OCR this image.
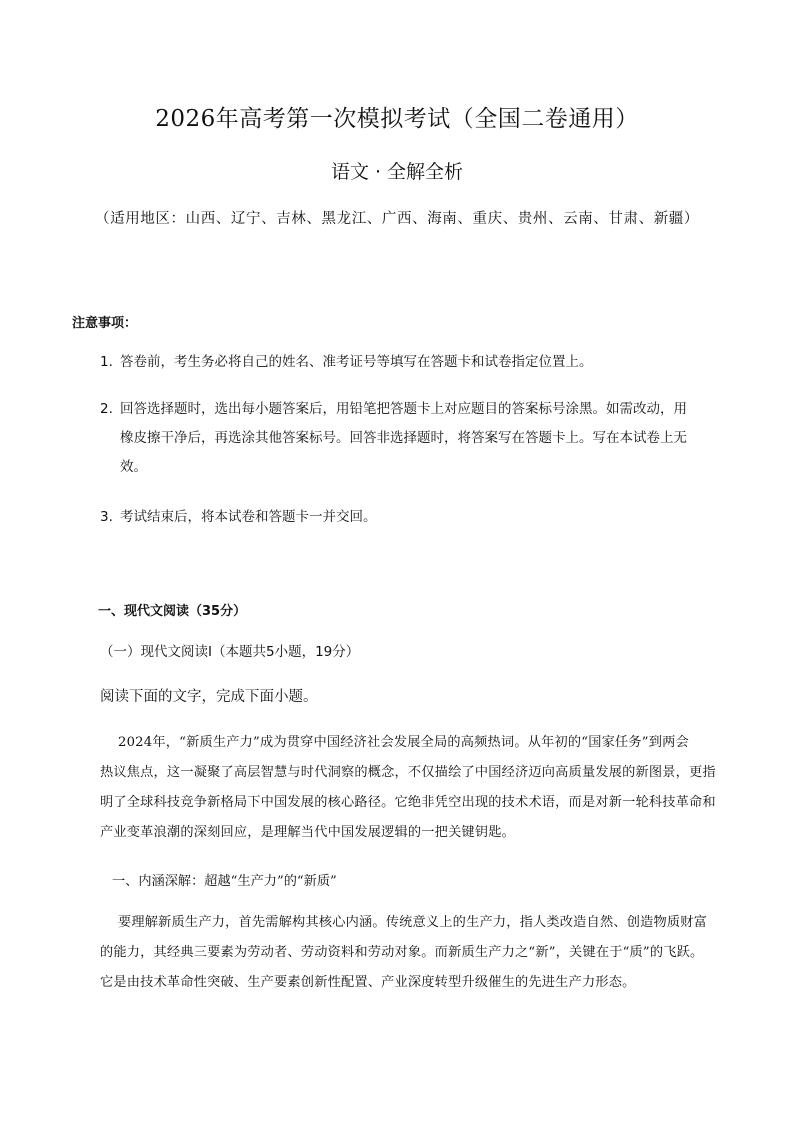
2026年高考第一次模拟考试（全国二卷通用）
语文 · 全解全析
（适用地区：山西、辽宁、吉林、黑龙江、广西、海南、重庆、贵州、云南、甘肃、新疆）
注意事项：
1. 答卷前，考生务必将自己的姓名、准考证号等填写在答题卡和试卷指定位置上。
2. 回答选择题时，选出每小题答案后，用铅笔把答题卡上对应题目的答案标号涂黑。如需改动，用
橡皮擦干净后，再选涂其他答案标号。回答非选择题时，将答案写在答题卡上。写在本试卷上无
效。
3. 考试结束后，将本试卷和答题卡一并交回。
一、现代文阅读（35分）
（一）现代文阅读Ⅰ（本题共5小题，19分）
阅读下面的文字，完成下面小题。
2024年，“新质生产力”成为贯穿中国经济社会发展全局的高频热词。从年初的“国家任务”到两会
热议焦点，这一凝聚了高层智慧与时代洞察的概念，不仅描绘了中国经济迈向高质量发展的新图景，更指
明了全球科技竞争新格局下中国发展的核心路径。它绝非凭空出现的技术术语，而是对新一轮科技革命和
产业变革浪潮的深刻回应，是理解当代中国发展逻辑的一把关键钥匙。
一、内涵深解：超越“生产力”的“新质”
要理解新质生产力，首先需解构其核心内涵。传统意义上的生产力，指人类改造自然、创造物质财富
的能力，其经典三要素为劳动者、劳动资料和劳动对象。而新质生产力之“新”，关键在于“质”的飞跃。
它是由技术革命性突破、生产要素创新性配置、产业深度转型升级催生的先进生产力形态。
